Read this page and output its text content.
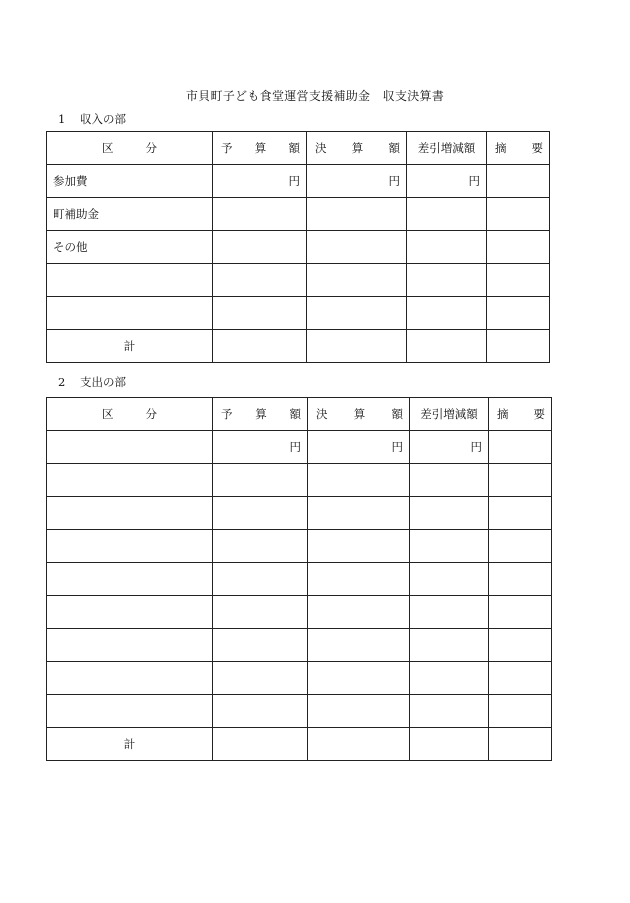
市貝町子ども食堂運営支援補助金　収支決算書
1 収入の部
区 分	予 算 額	決 算 額	差引増減額	摘 要

参加費	円	円	円	
町補助金				
その他				

計				
2 支出の部
区 分	予 算 額	決 算 額	差引増減額	摘 要

	円	円	円	

計				
